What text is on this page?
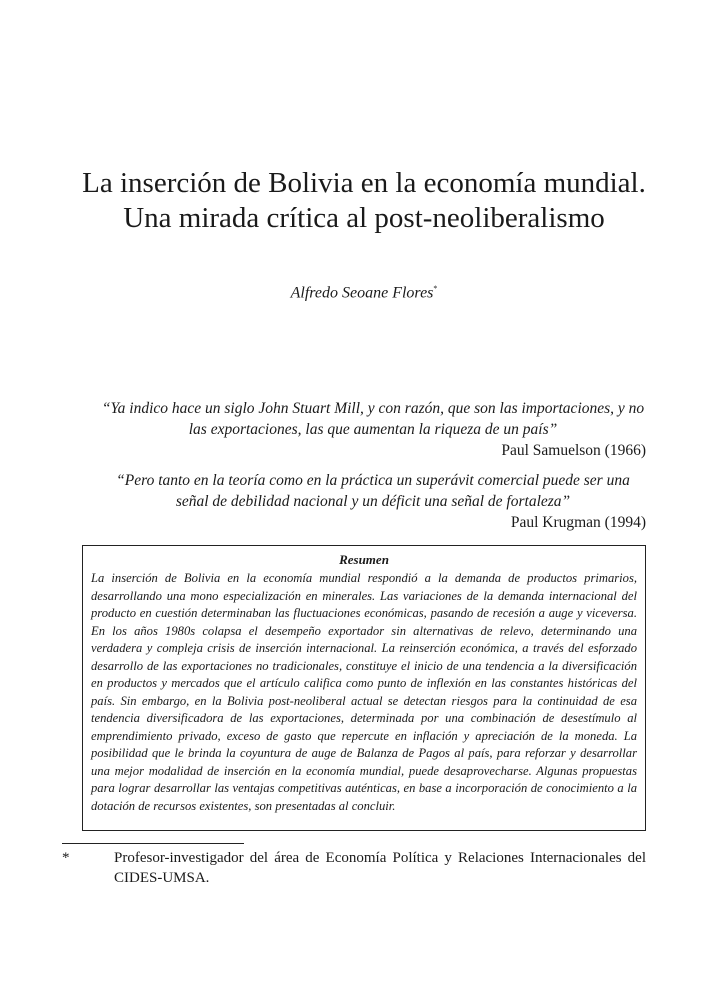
La inserción de Bolivia en la economía mundial.
Una mirada crítica al post-neoliberalismo
Alfredo Seoane Flores*
“Ya indico hace un siglo John Stuart Mill, y con razón, que son las importaciones, y no las exportaciones, las que aumentan la riqueza de un país”
Paul Samuelson (1966)
“Pero tanto en la teoría como en la práctica un superávit comercial puede ser una señal de debilidad nacional y un déficit una señal de fortaleza”
Paul Krugman (1994)
Resumen
La inserción de Bolivia en la economía mundial respondió a la demanda de productos primarios, desarrollando una mono especialización en minerales. Las variaciones de la demanda internacional del producto en cuestión determinaban las fluctuaciones económicas, pasando de recesión a auge y viceversa. En los años 1980s colapsa el desempeño exportador sin alternativas de relevo, determinando una verdadera y compleja crisis de inserción internacional. La reinserción económica, a través del esforzado desarrollo de las exportaciones no tradicionales, constituye el inicio de una tendencia a la diversificación en productos y mercados que el artículo califica como punto de inflexión en las constantes históricas del país. Sin embargo, en la Bolivia post-neoliberal actual se detectan riesgos para la continuidad de esa tendencia diversificadora de las exportaciones, determinada por una combinación de desestímulo al emprendimiento privado, exceso de gasto que repercute en inflación y apreciación de la moneda. La posibilidad que le brinda la coyuntura de auge de Balanza de Pagos al país, para reforzar y desarrollar una mejor modalidad de inserción en la economía mundial, puede desaprovecharse. Algunas propuestas para lograr desarrollar las ventajas competitivas auténticas, en base a incorporación de conocimiento a la dotación de recursos existentes, son presentadas al concluir.
*	Profesor-investigador del área de Economía Política y Relaciones Internacionales del CIDES-UMSA.
